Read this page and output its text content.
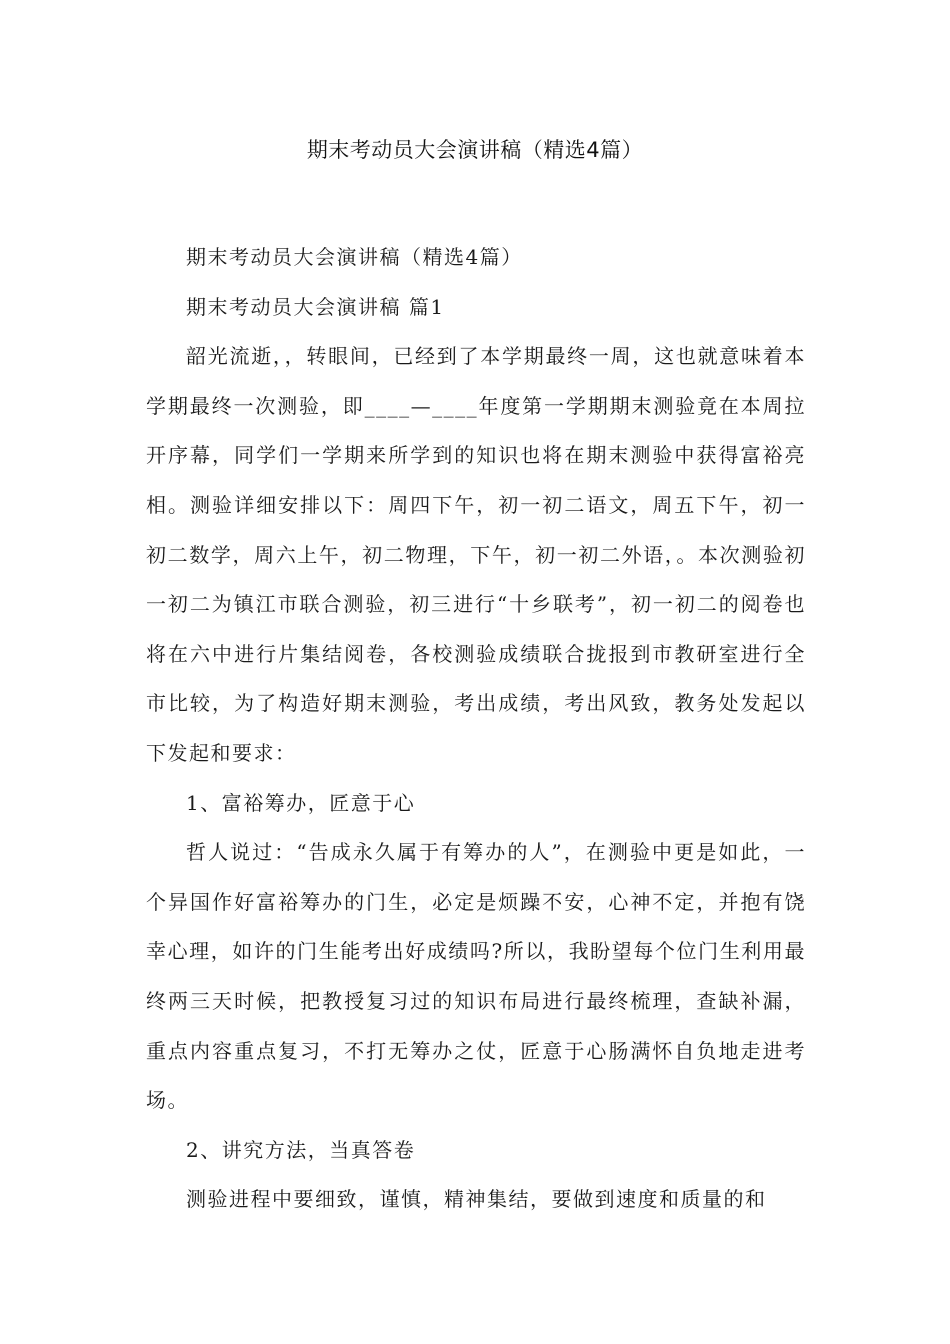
期末考动员大会演讲稿（精选4篇）

期末考动员大会演讲稿（精选4篇）

期末考动员大会演讲稿 篇1

韶光流逝，，转眼间，已经到了本学期最终一周，这也就意味着本学期最终一次测验，即____—____年度第一学期期末测验竟在本周拉开序幕，同学们一学期来所学到的知识也将在期末测验中获得富裕亮相。测验详细安排以下：周四下午，初一初二语文，周五下午，初一初二数学，周六上午，初二物理，下午，初一初二外语，。本次测验初一初二为镇江市联合测验，初三进行“十乡联考”，初一初二的阅卷也将在六中进行片集结阅卷，各校测验成绩联合拢报到市教研室进行全市比较，为了构造好期末测验，考出成绩，考出风致，教务处发起以下发起和要求：

1、富裕筹办，匠意于心

哲人说过：“告成永久属于有筹办的人”，在测验中更是如此，一个异国作好富裕筹办的门生，必定是烦躁不安，心神不定，并抱有饶幸心理，如许的门生能考出好成绩吗?所以，我盼望每个位门生利用最终两三天时候，把教授复习过的知识布局进行最终梳理，查缺补漏，重点内容重点复习，不打无筹办之仗，匠意于心肠满怀自负地走进考场。

2、讲究方法，当真答卷

测验进程中要细致，谨慎，精神集结，要做到速度和质量的和
